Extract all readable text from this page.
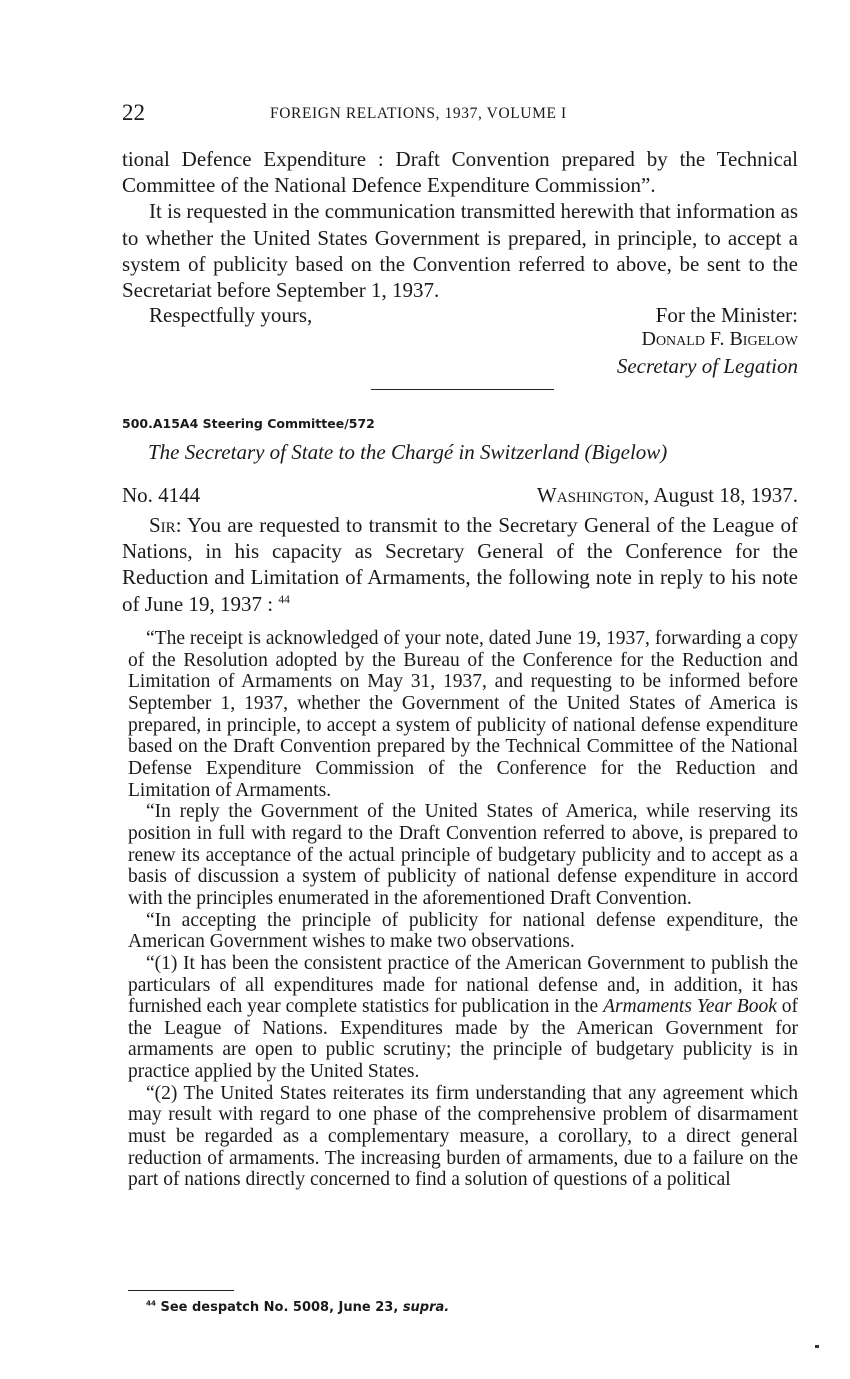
22	FOREIGN RELATIONS, 1937, VOLUME I

tional Defence Expenditure : Draft Convention prepared by the Technical Committee of the National Defence Expenditure Commission”.

It is requested in the communication transmitted herewith that information as to whether the United States Government is prepared, in principle, to accept a system of publicity based on the Convention referred to above, be sent to the Secretariat before September 1, 1937.

Respectfully yours,	For the Minister:
Donald F. Bigelow
Secretary of Legation
500.A15A4 Steering Committee/572
The Secretary of State to the Chargé in Switzerland (Bigelow)
No. 4144	Washington, August 18, 1937.

Sir: You are requested to transmit to the Secretary General of the League of Nations, in his capacity as Secretary General of the Conference for the Reduction and Limitation of Armaments, the following note in reply to his note of June 19, 1937 : $^{44}$

“The receipt is acknowledged of your note, dated June 19, 1937, forwarding a copy of the Resolution adopted by the Bureau of the Conference for the Reduction and Limitation of Armaments on May 31, 1937, and requesting to be informed before September 1, 1937, whether the Government of the United States of America is prepared, in principle, to accept a system of publicity of national defense expenditure based on the Draft Convention prepared by the Technical Committee of the National Defense Expenditure Commission of the Conference for the Reduction and Limitation of Armaments.

“In reply the Government of the United States of America, while reserving its position in full with regard to the Draft Convention referred to above, is prepared to renew its acceptance of the actual principle of budgetary publicity and to accept as a basis of discussion a system of publicity of national defense expenditure in accord with the principles enumerated in the aforementioned Draft Convention.

“In accepting the principle of publicity for national defense expenditure, the American Government wishes to make two observations.

“(1) It has been the consistent practice of the American Government to publish the particulars of all expenditures made for national defense and, in addition, it has furnished each year complete statistics for publication in the Armaments Year Book of the League of Nations. Expenditures made by the American Government for armaments are open to public scrutiny; the principle of budgetary publicity is in practice applied by the United States.

“(2) The United States reiterates its firm understanding that any agreement which may result with regard to one phase of the comprehensive problem of disarmament must be regarded as a complementary measure, a corollary, to a direct general reduction of armaments. The increasing burden of armaments, due to a failure on the part of nations directly concerned to find a solution of questions of a political

$^{44}$ See despatch No. 5008, June 23, supra.
